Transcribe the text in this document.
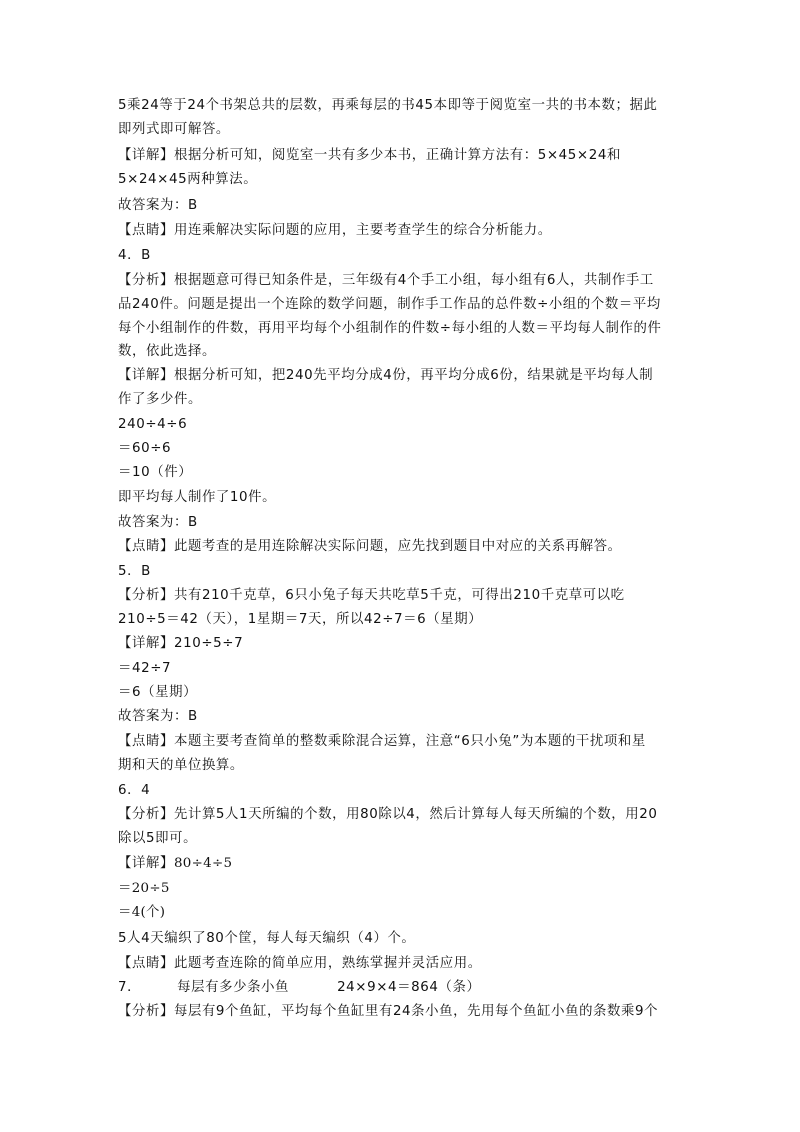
5乘24等于24个书架总共的层数，再乘每层的书45本即等于阅览室一共的书本数；据此
即列式即可解答。
【详解】根据分析可知，阅览室一共有多少本书，正确计算方法有：5×45×24和
5×24×45两种算法。
故答案为：B
【点睛】用连乘解决实际问题的应用，主要考查学生的综合分析能力。
4．B
【分析】根据题意可得已知条件是，三年级有4个手工小组，每小组有6人，共制作手工
品240件。问题是提出一个连除的数学问题，制作手工作品的总件数÷小组的个数＝平均
每个小组制作的件数，再用平均每个小组制作的件数÷每小组的人数＝平均每人制作的件
数，依此选择。
【详解】根据分析可知，把240先平均分成4份，再平均分成6份，结果就是平均每人制
作了多少件。
240÷4÷6
＝60÷6
＝10（件）
即平均每人制作了10件。
故答案为：B
【点睛】此题考查的是用连除解决实际问题，应先找到题目中对应的关系再解答。
5．B
【分析】共有210千克草，6只小兔子每天共吃草5千克，可得出210千克草可以吃
210÷5＝42（天），1星期＝7天，所以42÷7＝6（星期）
【详解】210÷5÷7
＝42÷7
＝6（星期）
故答案为：B
【点睛】本题主要考查简单的整数乘除混合运算，注意“6只小兔”为本题的干扰项和星
期和天的单位换算。
6．4
【分析】先计算5人1天所编的个数，用80除以4，然后计算每人每天所编的个数，用20
除以5即可。
【详解】80÷4÷5
＝20÷5
＝4(个)
5人4天编织了80个筐，每人每天编织（4）个。
【点睛】此题考查连除的简单应用，熟练掌握并灵活应用。
7．	每层有多少条小鱼	24×9×4＝864（条）
【分析】每层有9个鱼缸，平均每个鱼缸里有24条小鱼，先用每个鱼缸小鱼的条数乘9个
